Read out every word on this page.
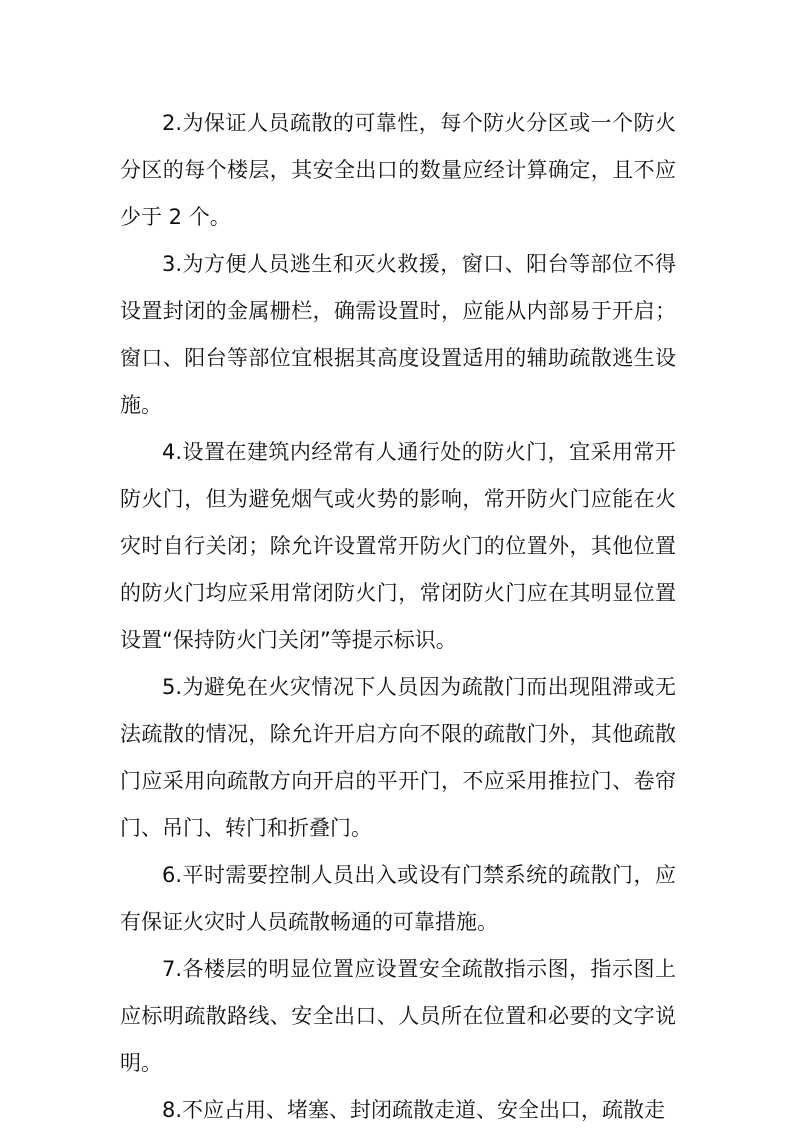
2.为保证人员疏散的可靠性，每个防火分区或一个防火分区的每个楼层，其安全出口的数量应经计算确定，且不应少于 2 个。

3.为方便人员逃生和灭火救援，窗口、阳台等部位不得设置封闭的金属栅栏，确需设置时，应能从内部易于开启；窗口、阳台等部位宜根据其高度设置适用的辅助疏散逃生设施。

4.设置在建筑内经常有人通行处的防火门，宜采用常开防火门，但为避免烟气或火势的影响，常开防火门应能在火灾时自行关闭；除允许设置常开防火门的位置外，其他位置的防火门均应采用常闭防火门，常闭防火门应在其明显位置设置“保持防火门关闭”等提示标识。

5.为避免在火灾情况下人员因为疏散门而出现阻滞或无法疏散的情况，除允许开启方向不限的疏散门外，其他疏散门应采用向疏散方向开启的平开门，不应采用推拉门、卷帘门、吊门、转门和折叠门。

6.平时需要控制人员出入或设有门禁系统的疏散门，应有保证火灾时人员疏散畅通的可靠措施。

7.各楼层的明显位置应设置安全疏散指示图，指示图上应标明疏散路线、安全出口、人员所在位置和必要的文字说明。

8.不应占用、堵塞、封闭疏散走道、安全出口，疏散走
